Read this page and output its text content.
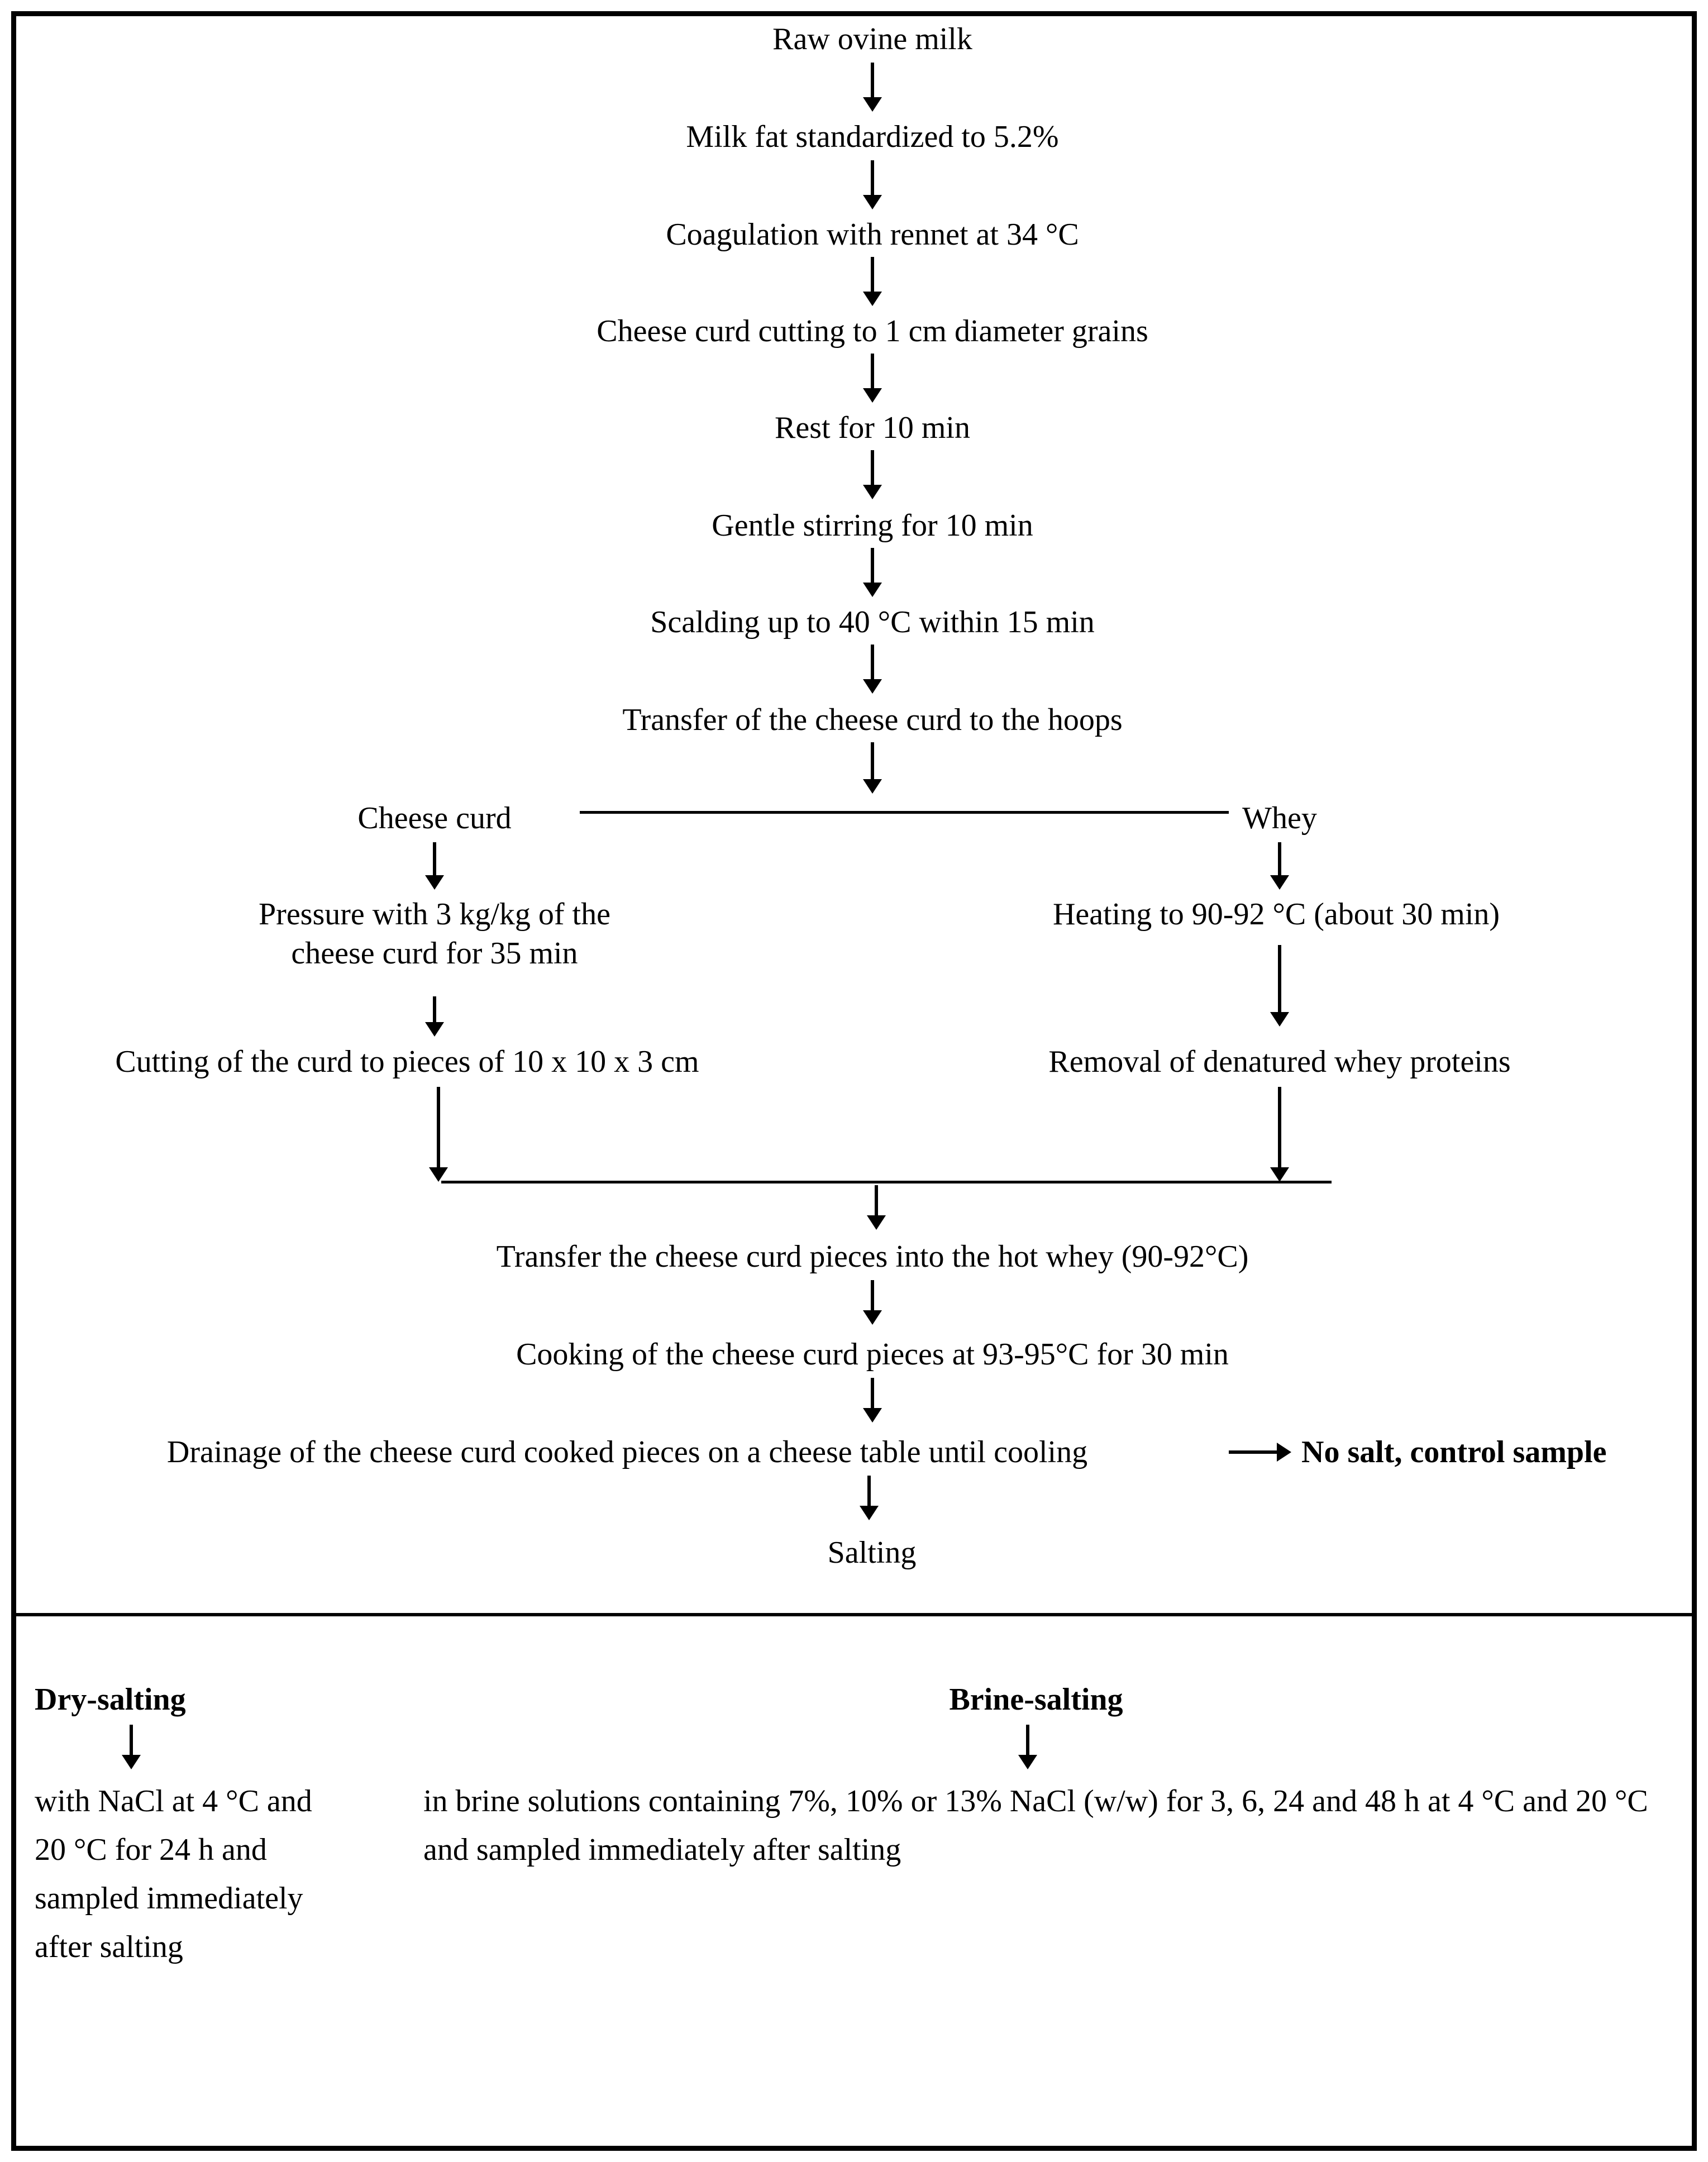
Raw ovine milk
Milk fat standardized to 5.2%
Coagulation with rennet at 34 °C
Cheese curd cutting to 1 cm diameter grains
Rest for 10 min
Gentle stirring for 10 min
Scalding up to 40 °C within 15 min
Transfer of the cheese curd to the hoops
Cheese curd	Whey
Pressure with 3 kg/kg of the cheese curd for 35 min
Cutting of the curd to pieces of 10 x 10 x 3 cm
Heating to 90-92 °C (about 30 min)
Removal of denatured whey proteins
Transfer the cheese curd pieces into the hot whey (90-92°C)
Cooking of the cheese curd pieces at 93-95°C for 30 min
Drainage of the cheese curd cooked pieces on a cheese table until cooling	No salt, control sample
Salting
Dry-salting
with NaCl at 4 °C and 20 °C for 24 h and sampled immediately after salting
Brine-salting
in brine solutions containing 7%, 10% or 13% NaCl (w/w) for 3, 6, 24 and 48 h at 4 °C and 20 °C and sampled immediately after salting
